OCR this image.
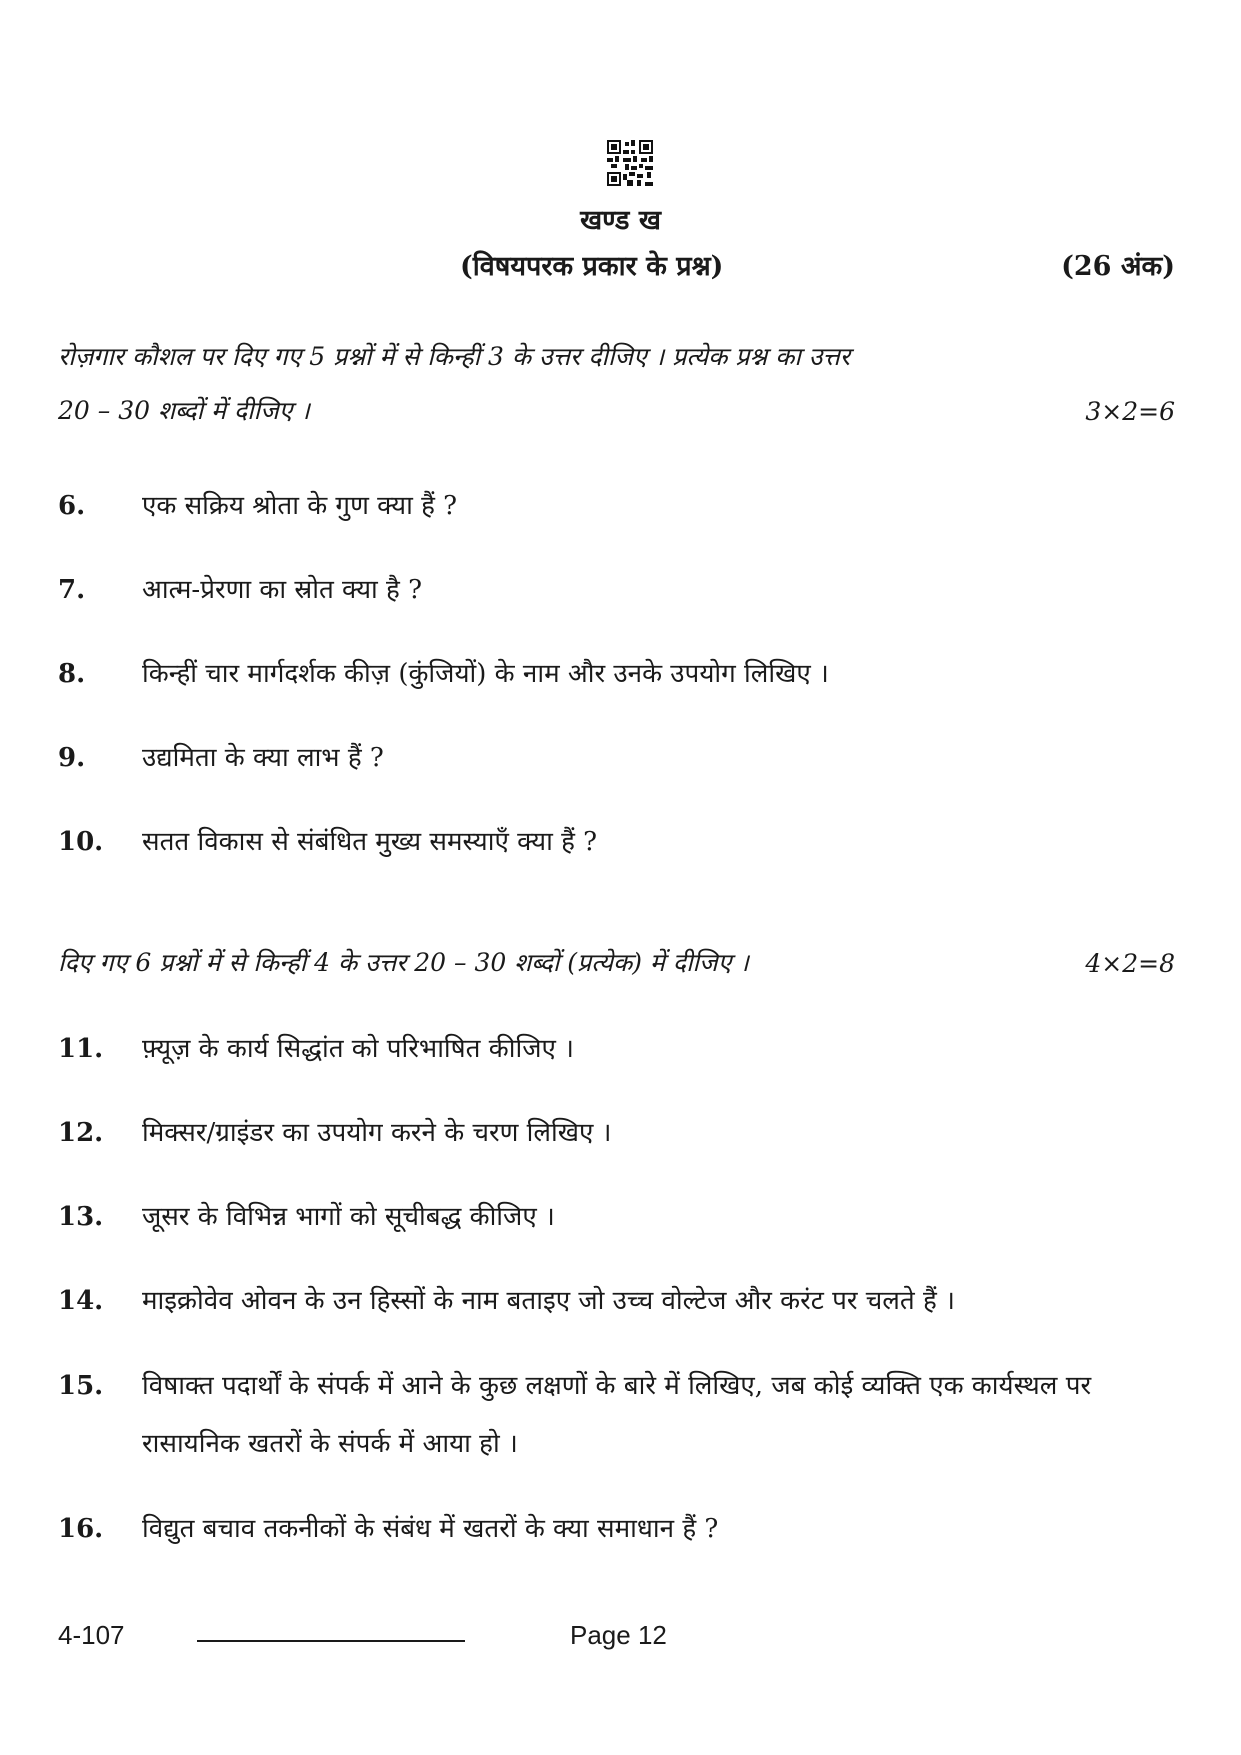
खण्ड ख
(विषयपरक प्रकार के प्रश्न)	(26 अंक)
रोज़गार कौशल पर दिए गए 5 प्रश्नों में से किन्हीं 3 के उत्तर दीजिए । प्रत्येक प्रश्न का उत्तर
20 – 30 शब्दों में दीजिए ।	3×2=6
6. एक सक्रिय श्रोता के गुण क्या हैं ?
7. आत्म-प्रेरणा का स्रोत क्या है ?
8. किन्हीं चार मार्गदर्शक कीज़ (कुंजियों) के नाम और उनके उपयोग लिखिए ।
9. उद्यमिता के क्या लाभ हैं ?
10. सतत विकास से संबंधित मुख्य समस्याएँ क्या हैं ?
दिए गए 6 प्रश्नों में से किन्हीं 4 के उत्तर 20 – 30 शब्दों (प्रत्येक) में दीजिए ।	4×2=8
11. फ़्यूज़ के कार्य सिद्धांत को परिभाषित कीजिए ।
12. मिक्सर/ग्राइंडर का उपयोग करने के चरण लिखिए ।
13. जूसर के विभिन्न भागों को सूचीबद्ध कीजिए ।
14. माइक्रोवेव ओवन के उन हिस्सों के नाम बताइए जो उच्च वोल्टेज और करंट पर चलते हैं ।
15. विषाक्त पदार्थों के संपर्क में आने के कुछ लक्षणों के बारे में लिखिए, जब कोई व्यक्ति एक कार्यस्थल पर रासायनिक खतरों के संपर्क में आया हो ।
16. विद्युत बचाव तकनीकों के संबंध में खतरों के क्या समाधान हैं ?
4-107	Page 12
